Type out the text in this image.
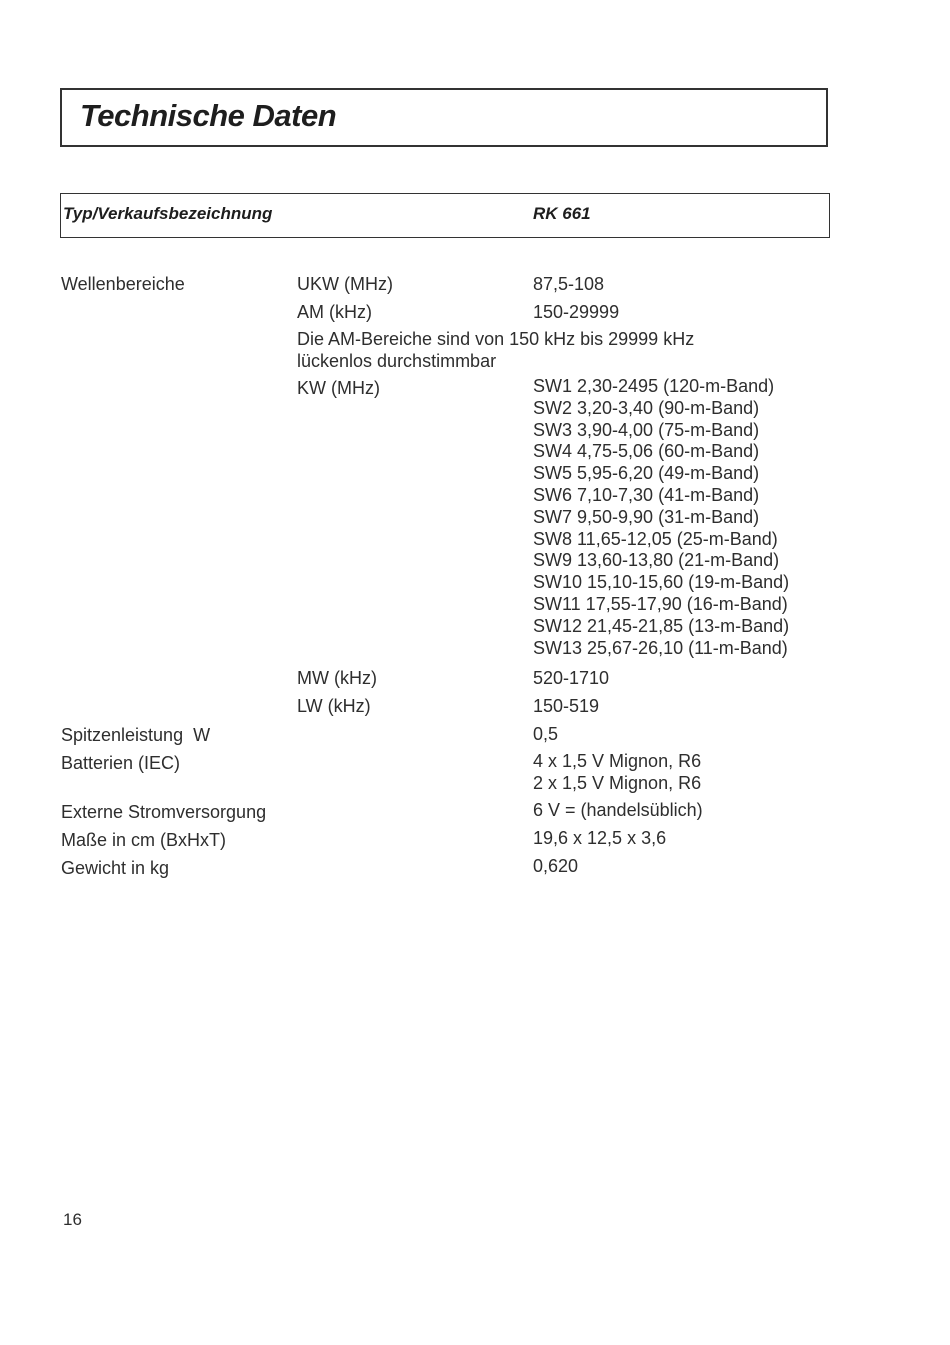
Technische Daten
Typ/Verkaufsbezeichnung	RK 661
Wellenbereiche	UKW (MHz)	87,5-108
AM (kHz)	150-29999
Die AM-Bereiche sind von 150 kHz bis 29999 kHz
lückenlos durchstimmbar
KW (MHz)	SW1 2,30-2495 (120-m-Band)
SW2 3,20-3,40 (90-m-Band)
SW3 3,90-4,00 (75-m-Band)
SW4 4,75-5,06 (60-m-Band)
SW5 5,95-6,20 (49-m-Band)
SW6 7,10-7,30 (41-m-Band)
SW7 9,50-9,90 (31-m-Band)
SW8 11,65-12,05 (25-m-Band)
SW9 13,60-13,80 (21-m-Band)
SW10 15,10-15,60 (19-m-Band)
SW11 17,55-17,90 (16-m-Band)
SW12 21,45-21,85 (13-m-Band)
SW13 25,67-26,10 (11-m-Band)
MW (kHz)	520-1710
LW (kHz)	150-519
Spitzenleistung  W	0,5
Batterien (IEC)	4 x 1,5 V Mignon, R6
2 x 1,5 V Mignon, R6
Externe Stromversorgung	6 V = (handelsüblich)
Maße in cm (BxHxT)	19,6 x 12,5 x 3,6
Gewicht in kg	0,620
16
